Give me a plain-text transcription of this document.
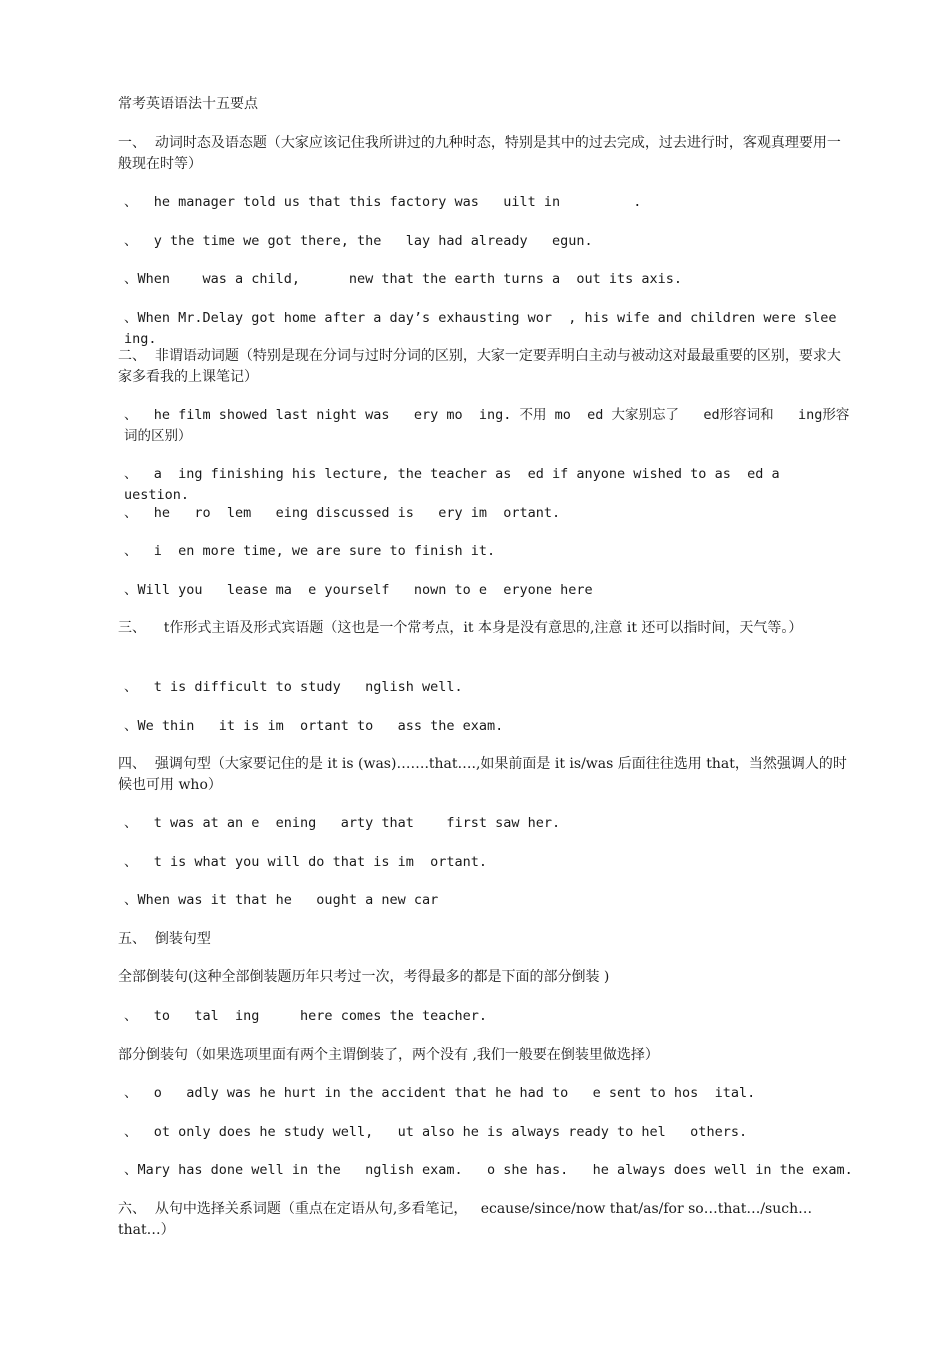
常考英语语法十五要点
一、  动词时态及语态题（大家应该记住我所讲过的九种时态，特别是其中的过去完成，过去进行时，客观真理要用一般现在时等）
、  he manager told us that this factory was   uilt in         .
、  y the time we got there, the   lay had already   egun.
、When    was a child,      new that the earth turns a  out its axis.
、When Mr.Delay got home after a day’s exhausting wor  , his wife and children were slee  ing.
二、  非谓语动词题（特别是现在分词与过时分词的区别，大家一定要弄明白主动与被动这对最最重要的区别，要求大家多看我的上课笔记）
、  he film showed last night was   ery mo  ing. 不用 mo  ed 大家别忘了   ed形容词和   ing形容词的区别）
、  a  ing finishing his lecture, the teacher as  ed if anyone wished to as  ed a   uestion.
、  he   ro  lem   eing discussed is   ery im  ortant.
、  i  en more time, we are sure to finish it.
、Will you   lease ma  e yourself   nown to e  eryone here
三、    t作形式主语及形式宾语题（这也是一个常考点，it 本身是没有意思的,注意 it 还可以指时间，天气等。）
、  t is difficult to study   nglish well.
、We thin   it is im  ortant to   ass the exam.
四、  强调句型（大家要记住的是 it is (was)…….that….,如果前面是 it is/was 后面往往选用 that，当然强调人的时候也可用 who）
、  t was at an e  ening   arty that    first saw her.
、  t is what you will do that is im  ortant.
、When was it that he   ought a new car
五、  倒装句型
全部倒装句(这种全部倒装题历年只考过一次，考得最多的都是下面的部分倒装 )
、  to   tal  ing     here comes the teacher.
部分倒装句（如果选项里面有两个主谓倒装了，两个没有 ,我们一般要在倒装里做选择）
、  o   adly was he hurt in the accident that he had to   e sent to hos  ital.
、  ot only does he study well,   ut also he is always ready to hel   others.
、Mary has done well in the   nglish exam.   o she has.   he always does well in the exam.
六、  从句中选择关系词题（重点在定语从句,多看笔记，   ecause/since/now that/as/for so…that…/such… that…）
